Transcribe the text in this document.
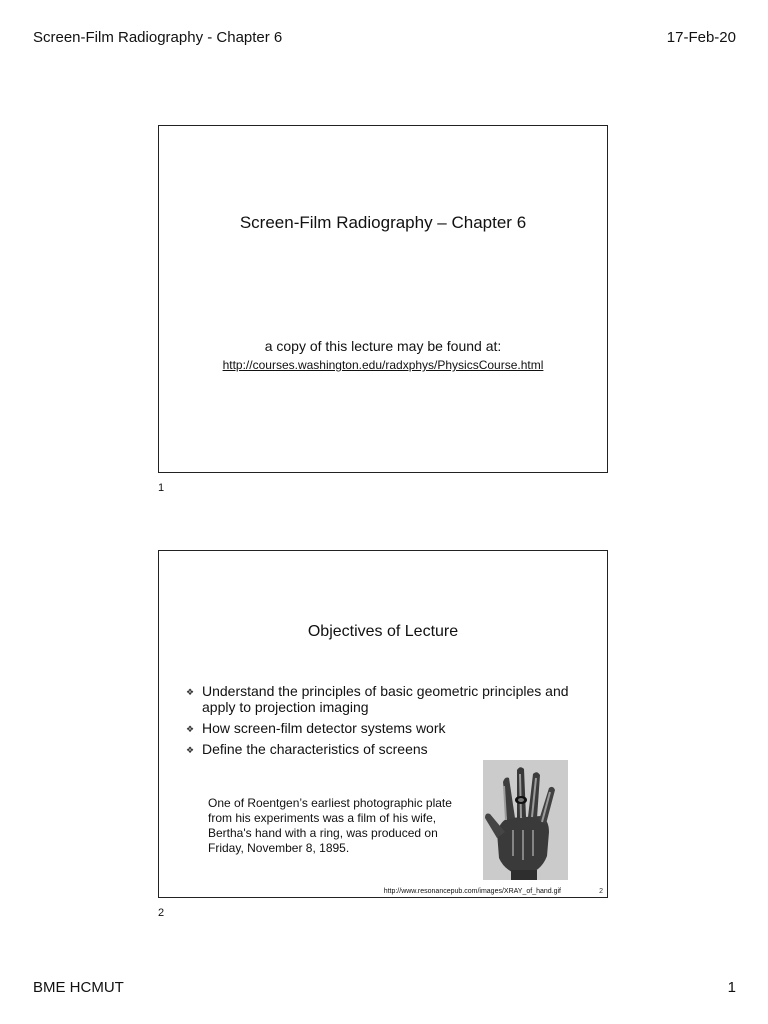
Screen-Film Radiography - Chapter 6	17-Feb-20
Screen-Film Radiography – Chapter 6
a copy of this lecture may be found at:
http://courses.washington.edu/radxphys/PhysicsCourse.html
1
Objectives of Lecture
❖ Understand the principles of basic geometric principles and apply to projection imaging
❖ How screen-film detector systems work
❖ Define the characteristics of screens
One of Roentgen’s earliest photographic plate from his experiments was a film of his wife, Bertha's hand with a ring, was produced on Friday, November 8, 1895.
http://www.resonancepub.com/images/XRAY_of_hand.gif	2
2
BME HCMUT	1
